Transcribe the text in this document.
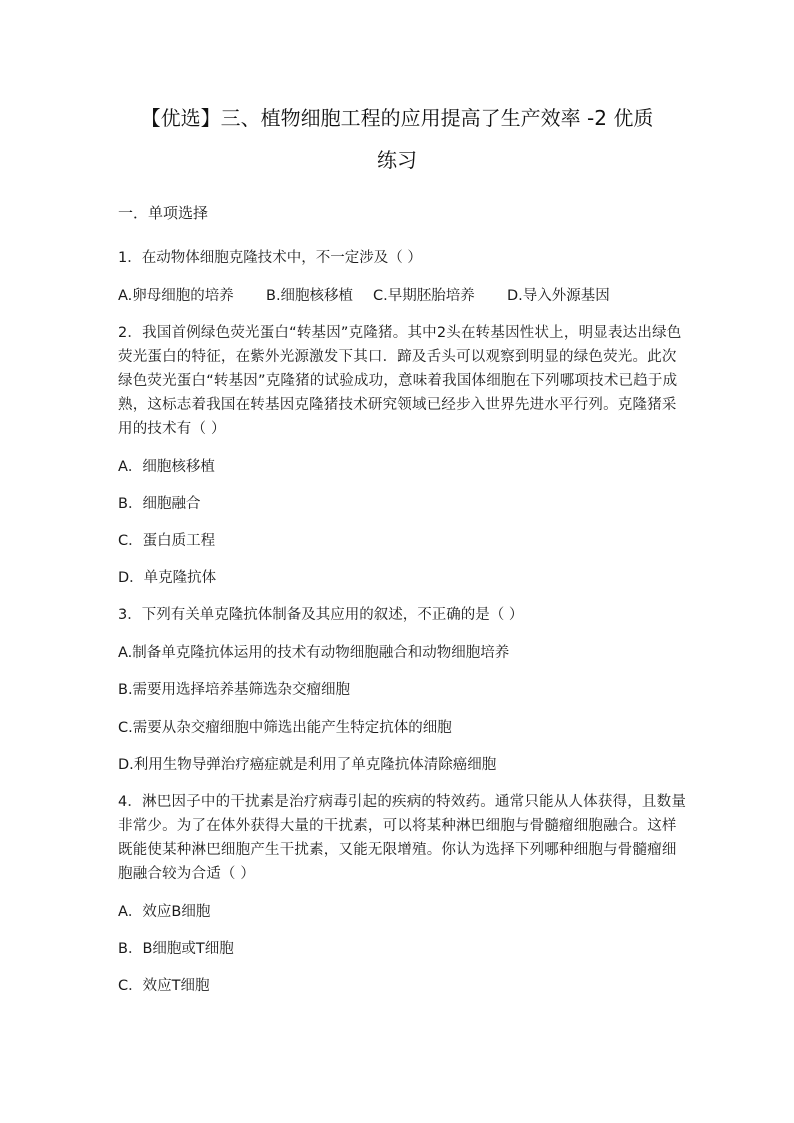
【优选】三、植物细胞工程的应用提高了生产效率 -2 优质
练习
一．单项选择
1．在动物体细胞克隆技术中，不一定涉及（ ）
A.卵母细胞的培养	B.细胞核移植	C.早期胚胎培养	D.导入外源基因
2．我国首例绿色荧光蛋白“转基因”克隆猪。其中2头在转基因性状上，明显表达出绿色荧光蛋白的特征，在紫外光源激发下其口．蹄及舌头可以观察到明显的绿色荧光。此次绿色荧光蛋白“转基因”克隆猪的试验成功，意味着我国体细胞在下列哪项技术已趋于成熟，这标志着我国在转基因克隆猪技术研究领域已经步入世界先进水平行列。克隆猪采用的技术有（ ）
A．细胞核移植
B．细胞融合
C．蛋白质工程
D．单克隆抗体
3．下列有关单克隆抗体制备及其应用的叙述，不正确的是（ ）
A.制备单克隆抗体运用的技术有动物细胞融合和动物细胞培养
B.需要用选择培养基筛选杂交瘤细胞
C.需要从杂交瘤细胞中筛选出能产生特定抗体的细胞
D.利用生物导弹治疗癌症就是利用了单克隆抗体清除癌细胞
4．淋巴因子中的干扰素是治疗病毒引起的疾病的特效药。通常只能从人体获得，且数量非常少。为了在体外获得大量的干扰素，可以将某种淋巴细胞与骨髓瘤细胞融合。这样既能使某种淋巴细胞产生干扰素，又能无限增殖。你认为选择下列哪种细胞与骨髓瘤细胞融合较为合适（ ）
A．效应B细胞
B．B细胞或T细胞
C．效应T细胞
